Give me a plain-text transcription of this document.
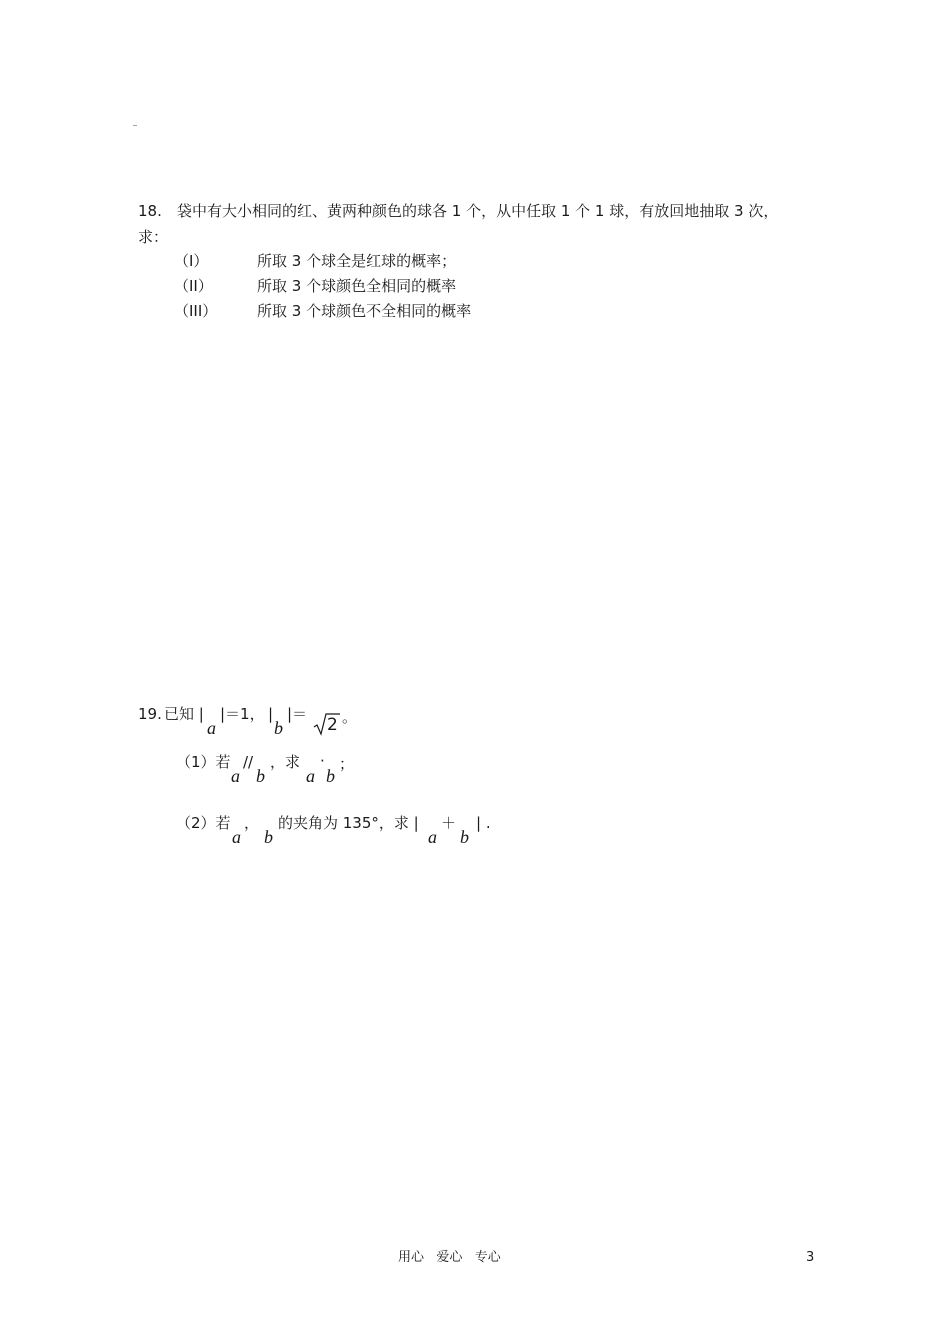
18. 袋中有大小相同的红、黄两种颜色的球各 1 个，从中任取 1 个 1 球，有放回地抽取 3 次，
求：
（I）	所取 3 个球全是红球的概率；
（II）	所取 3 个球颜色全相同的概率
（III）	所取 3 个球颜色不全相同的概率
19. 已知 |
a
|＝1， |
b
|＝
2 。
（1）若
a
//
b
，求
a
·
b
；
（2）若
a
，
b
的夹角为 135°，求 |
a
＋
b
| .
用心   爱心   专心	3
